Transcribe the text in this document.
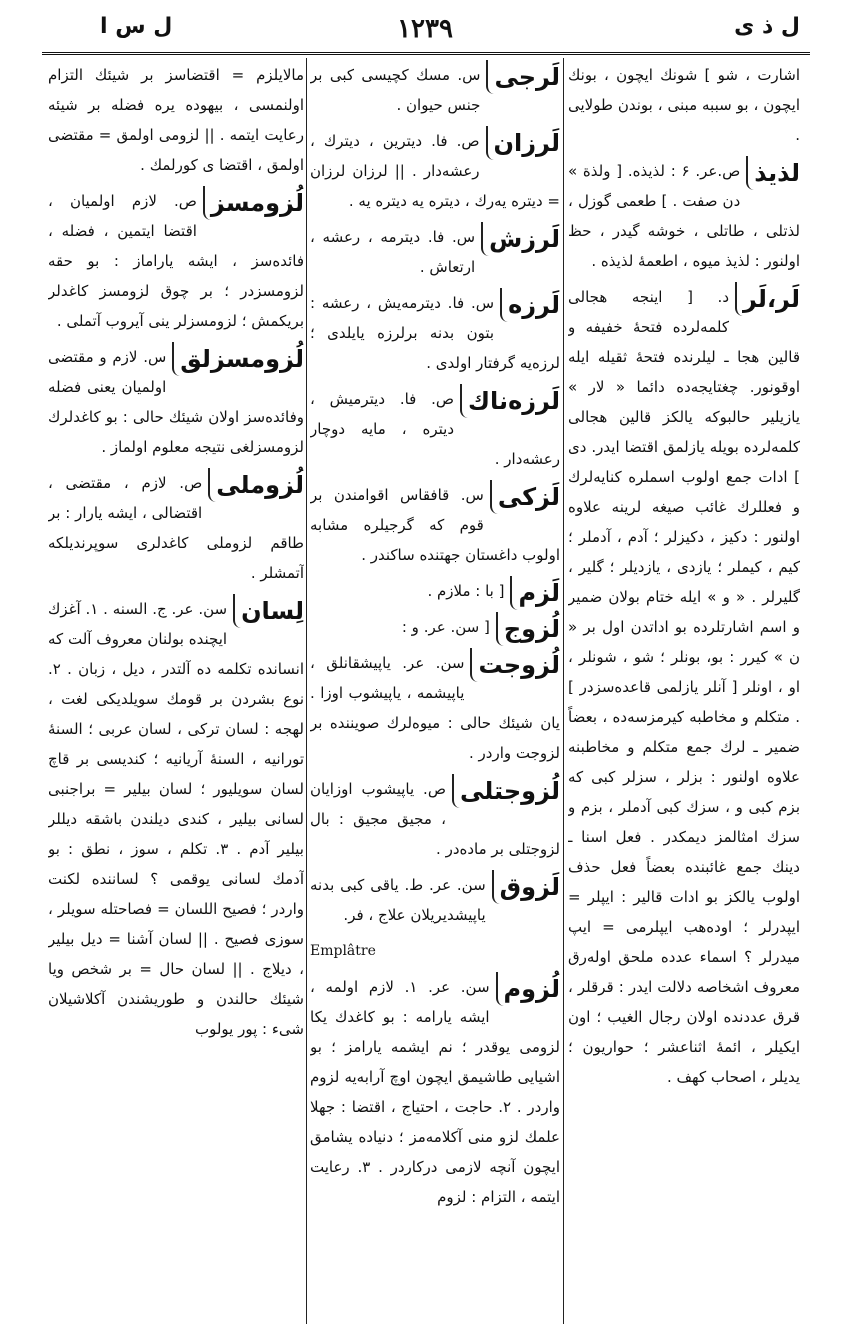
ل ذ ی
۱۲۳۹
ل س ا
اشارت ، شو ] شونك ايچون ، بونك ايچون ، بو سببه مبنی ، بوندن طولایی .
لذيذ
ص.عر. ۶ : لذيذه. [ ولذة » دن صفت . ] طعمی گوزل ، لذتلی ، طاتلی ، خوشه گیدر ، حظ اولنور : لذيذ ميوه ، اطعمهٔ لذيذه .
لَر،لَر
د. [ اینجه هجالی کلمه‌لرده فتحهٔ خفیفه و قالین هجا ـ لیلرنده فتحهٔ ثقیله ایله اوقونور. چغتایجه‌ده دائما « لار » یازیلیر حالبوکه یالکز قالین هجالی کلمه‌لرده بویله یازلمق اقتضا ایدر. دی ] ادات جمع اولوب اسملره کنایه‌لرك و فعللرك غائب صیغه‌ لرینه علاوه اولنور : دکیز ، دکیزلر ؛ آدم ، آدملر ؛ کیم ، کیملر ؛ یازدی ، یازدیلر ؛ گلیر ، گلیرلر . « و » ایله ختام بولان ضمیر و اسم اشارتلرده بو اداتدن اول بر « ن » کیرر : بو، بونلر ؛ شو ، شونلر ، او ، اونلر [ آنلر یازلمی قاعده‌سزدر ] . متکلم و مخاطبه کیرمزسه‌ده ، بعضاً ضمیر ـ لرك جمع متکلم و مخاطبنه علاوه اولنور : بزلر ، سزلر کبی که بزم کبی و ، سزك کبی آدملر ، بزم و سزك امثالمز دیمکدر . فعل اسنا ـ دینك جمع غائبنده بعضاً فعل حذف اولوب یالکز بو ادات قالیر : ایپلر = ایپدرلر ؛ اوده‌هب ایپلرمی = ایپ میدرلر ؟ اسماء عدده ملحق اوله‌رق معروف اشخاصه دلالت ایدر : قرقلر ، قرق عددنده اولان رجال الغیب ؛ اون ایکیلر ، ائمهٔ اثناعشر ؛ حواریون ؛ یدیلر ، اصحاب کهف .
لَرجی
س. مسك کچیسی کبی بر جنس حیوان .
لَرزان
ص. فا. دیترین ، دیترك ، رعشه‌دار . || لرزان لرزان = دیتره یه‌رك ، دیتره یه دیتره یه .
لَرزش
س. فا. دیترمه ، رعشه ، ارتعاش .
لَرزه
س. فا. دیترمه‌یش ، رعشه : بتون بدنه برلرزه یایلدی ؛ لرزه‌یه گرفتار اولدی .
لَرزه‌ناك
ص. فا. دیترمیش ، دیتره ، مایه دوچار رعشه‌دار .
لَزكی
س. قافقاس اقوامندن بر قوم که گرجیلره مشابه اولوب داغستان جهتنده ساکندر .
لَزم
[ با : ملازم .
لُزوج
[ سن. عر. و :
لُزوجت
سن. عر. یاپیشقانلق ، یاپیشمه ، یاپیشوب اوزا . یان شیئك حالی : میوه‌لرك صویننده بر لزوجت واردر .
لُزوجتلی
ص. یاپیشوب اوزایان ، مجیق مجیق : بال لزوجتلی بر ماده‌در .
لَزوق
سن. عر. ط. یاقی کبی بدنه یاپیشدیریلان علاج ، فر.
Emplâtre
لُزوم
سن. عر. ۱. لازم اولمه ، ایشه یارامه : بو کاغدك یکا لزومی یوقدر ؛ نم ایشمه یارامز ؛ بو اشیایی طاشیمق ایچون اوچ آرابه‌یه لزوم واردر . ۲. حاجت ، احتیاج ، اقتضا : جهلا علمك لزو منی آکلامه‌مز ؛ دنیاده یشامق ایچون آنچه‌ لازمی درکاردر . ۳. رعایت ایتمه ، التزام : لزوم
مالایلزم = اقتضاسز بر شیئك التزام اولنمسی ، بیهوده یره فضله بر شیئه رعایت ایتمه . || لزومی اولمق = مقتضی اولمق ، اقتضا ی کورلمك .
لُزومسز
ص. لازم اولمیان ، اقتضا ایتمین ، فضله ، فائده‌سز ، ایشه یاراماز : بو حقه لزومسزدر ؛ بر چوق لزومسز کاغدلر بریکمش ؛ لزومسزلر ینی آیروب آتملی .
لُزومسزلق
س. لازم و مقتضی اولمیان یعنی فضله وفائده‌سز اولان شیئك حالی : بو کاغدلرك لزومسزلغی نتیجه معلوم اولماز .
لُزوملی
ص. لازم ، مقتضی ، اقتضالی ، ایشه‌ یارار : بر طاقم لزوملی کاغدلری سوپرندیلکه آتمشلر .
لِسان
سن. عر. ج. السنه . ۱. آغزك ایچنده بولنان معروف آلت که انسانده تکلمه ده آلتدر ، دیل ، زبان . ۲. نوع بشردن بر قومك سویلدیکی لغت ، لهجه : لسان ترکی ، لسان عربی ؛ السنهٔ تورانیه ، السنهٔ آریانیه ؛ کندیسی بر قاچ لسان سویلیور ؛ لسان بیلیر = براجنبی لسانی بیلیر ، کندی دیلندن باشقه دیللر بیلیر آدم . ۳. تکلم ، سوز ، نطق : بو آدمك لسانی یوقمی ؟ لساننده لکنت واردر ؛ فصیح اللسان = فصاحتله سویلر ، سوزی فصیح . || لسان آشنا = دیل بیلیر ، دیلاج . || لسان حال = بر شخص ویا شیئك حالندن و طوریشندن آکلاشیلان شیء : پور یولوب
